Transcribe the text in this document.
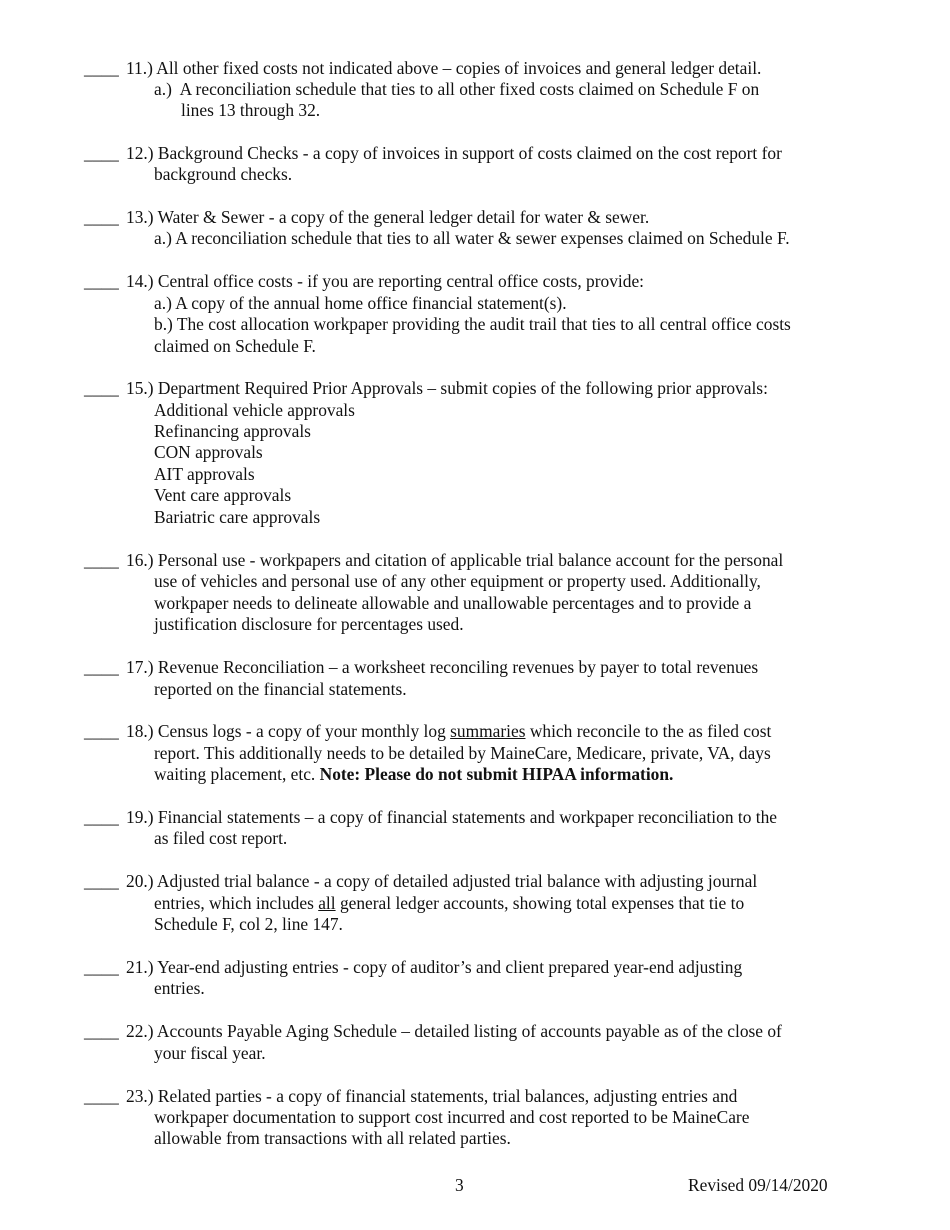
____ 11.) All other fixed costs not indicated above – copies of invoices and general ledger detail.
a.) A reconciliation schedule that ties to all other fixed costs claimed on Schedule F on
lines 13 through 32.
____ 12.) Background Checks - a copy of invoices in support of costs claimed on the cost report for
background checks.
____ 13.) Water & Sewer - a copy of the general ledger detail for water & sewer.
a.) A reconciliation schedule that ties to all water & sewer expenses claimed on Schedule F.
____ 14.) Central office costs - if you are reporting central office costs, provide:
a.) A copy of the annual home office financial statement(s).
b.) The cost allocation workpaper providing the audit trail that ties to all central office costs
claimed on Schedule F.
____ 15.) Department Required Prior Approvals – submit copies of the following prior approvals:
Additional vehicle approvals
Refinancing approvals
CON approvals
AIT approvals
Vent care approvals
Bariatric care approvals
____ 16.) Personal use - workpapers and citation of applicable trial balance account for the personal
use of vehicles and personal use of any other equipment or property used. Additionally,
workpaper needs to delineate allowable and unallowable percentages and to provide a
justification disclosure for percentages used.
____ 17.) Revenue Reconciliation – a worksheet reconciling revenues by payer to total revenues
reported on the financial statements.
____ 18.) Census logs - a copy of your monthly log summaries which reconcile to the as filed cost
report. This additionally needs to be detailed by MaineCare, Medicare, private, VA, days
waiting placement, etc. Note: Please do not submit HIPAA information.
____ 19.) Financial statements – a copy of financial statements and workpaper reconciliation to the
as filed cost report.
____ 20.) Adjusted trial balance - a copy of detailed adjusted trial balance with adjusting journal
entries, which includes all general ledger accounts, showing total expenses that tie to
Schedule F, col 2, line 147.
____ 21.) Year-end adjusting entries - copy of auditor’s and client prepared year-end adjusting
entries.
____ 22.) Accounts Payable Aging Schedule – detailed listing of accounts payable as of the close of
your fiscal year.
____ 23.) Related parties - a copy of financial statements, trial balances, adjusting entries and
workpaper documentation to support cost incurred and cost reported to be MaineCare
allowable from transactions with all related parties.
3	Revised 09/14/2020
